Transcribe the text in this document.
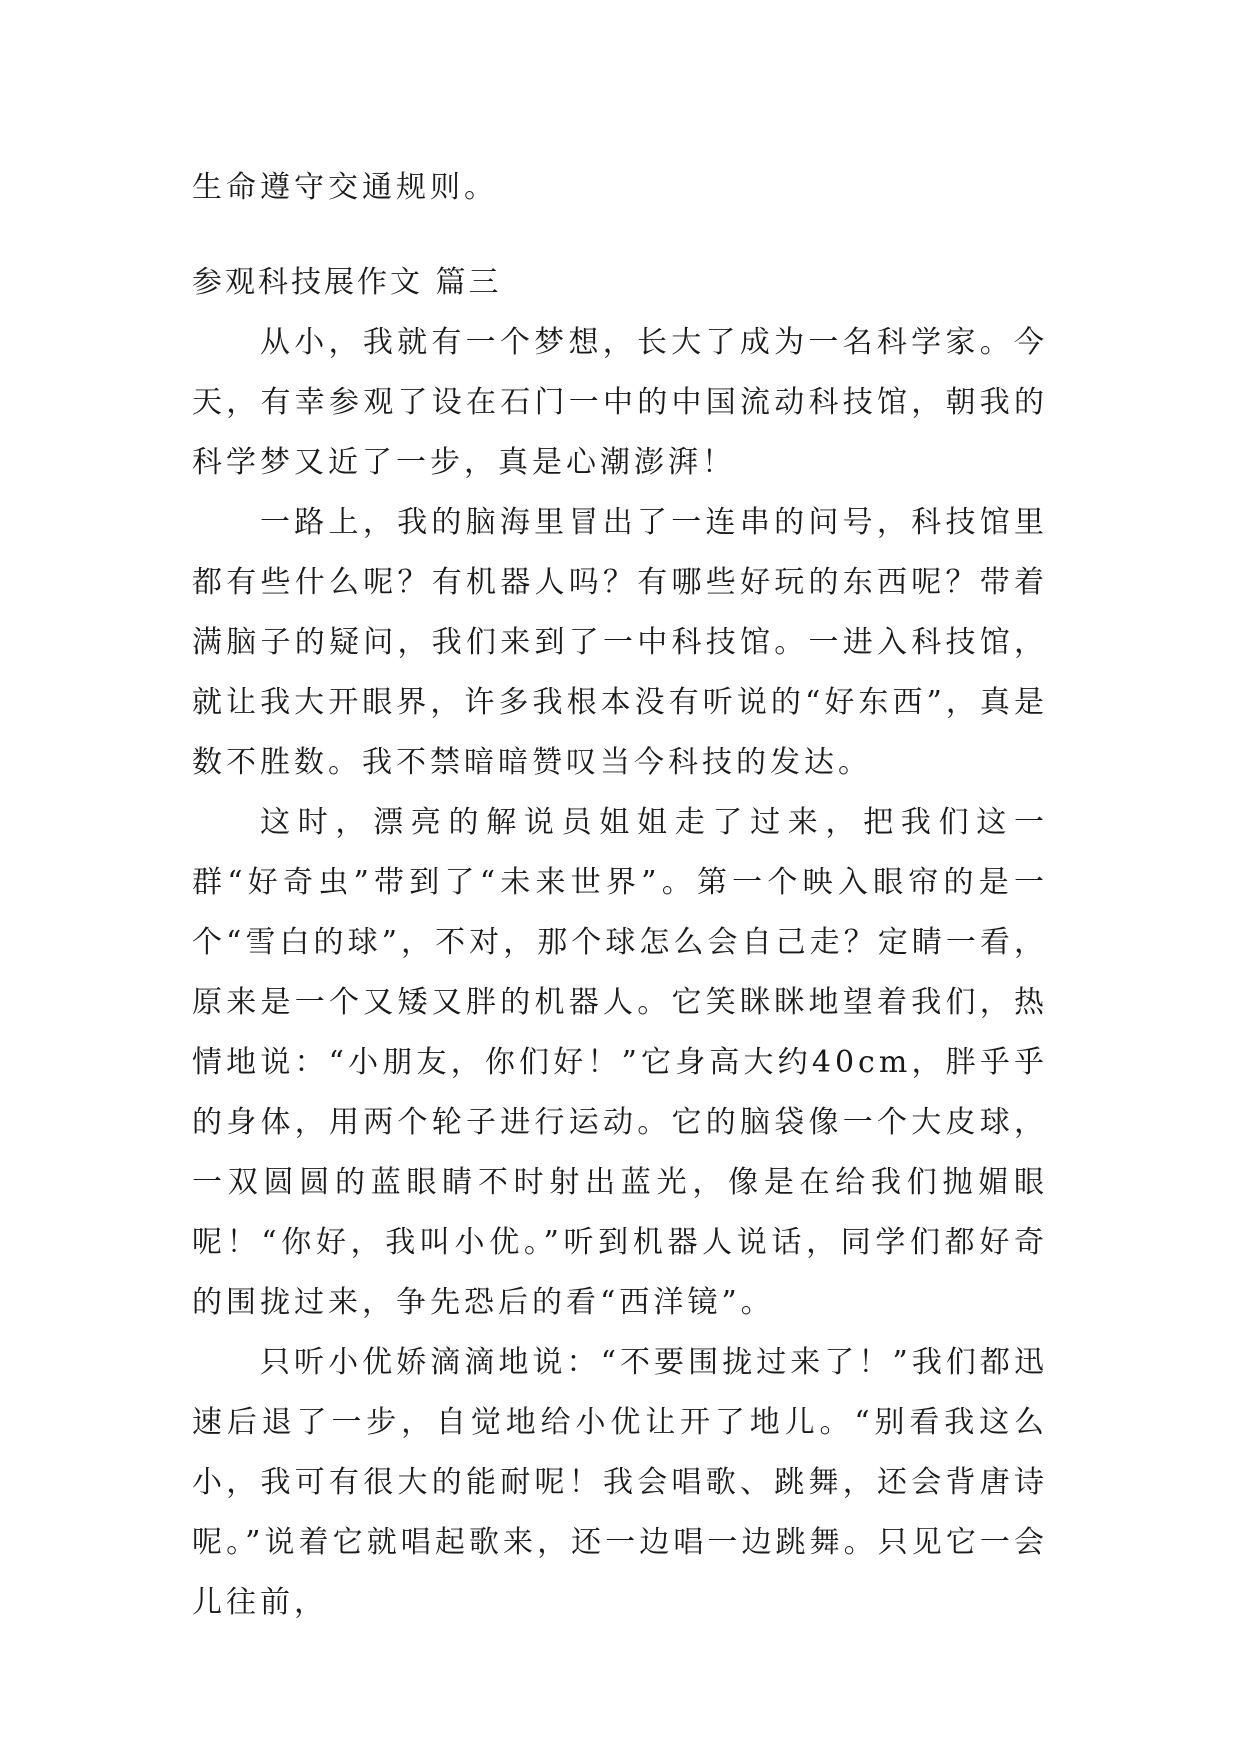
生命遵守交通规则。

参观科技展作文 篇三

从小，我就有一个梦想，长大了成为一名科学家。今天，有幸参观了设在石门一中的中国流动科技馆，朝我的科学梦又近了一步，真是心潮澎湃！

一路上，我的脑海里冒出了一连串的问号，科技馆里都有些什么呢？有机器人吗？有哪些好玩的东西呢？带着满脑子的疑问，我们来到了一中科技馆。一进入科技馆，就让我大开眼界，许多我根本没有听说的“好东西”，真是数不胜数。我不禁暗暗赞叹当今科技的发达。

这时，漂亮的解说员姐姐走了过来，把我们这一群“好奇虫”带到了“未来世界”。第一个映入眼帘的是一个“雪白的球”，不对，那个球怎么会自己走？定睛一看，原来是一个又矮又胖的机器人。它笑眯眯地望着我们，热情地说：“小朋友，你们好！”它身高大约40cm，胖乎乎的身体，用两个轮子进行运动。它的脑袋像一个大皮球，一双圆圆的蓝眼睛不时射出蓝光，像是在给我们抛媚眼呢！“你好，我叫小优。”听到机器人说话，同学们都好奇的围拢过来，争先恐后的看“西洋镜”。

只听小优娇滴滴地说：“不要围拢过来了！”我们都迅速后退了一步，自觉地给小优让开了地儿。“别看我这么小，我可有很大的能耐呢！我会唱歌、跳舞，还会背唐诗呢。”说着它就唱起歌来，还一边唱一边跳舞。只见它一会儿往前，
